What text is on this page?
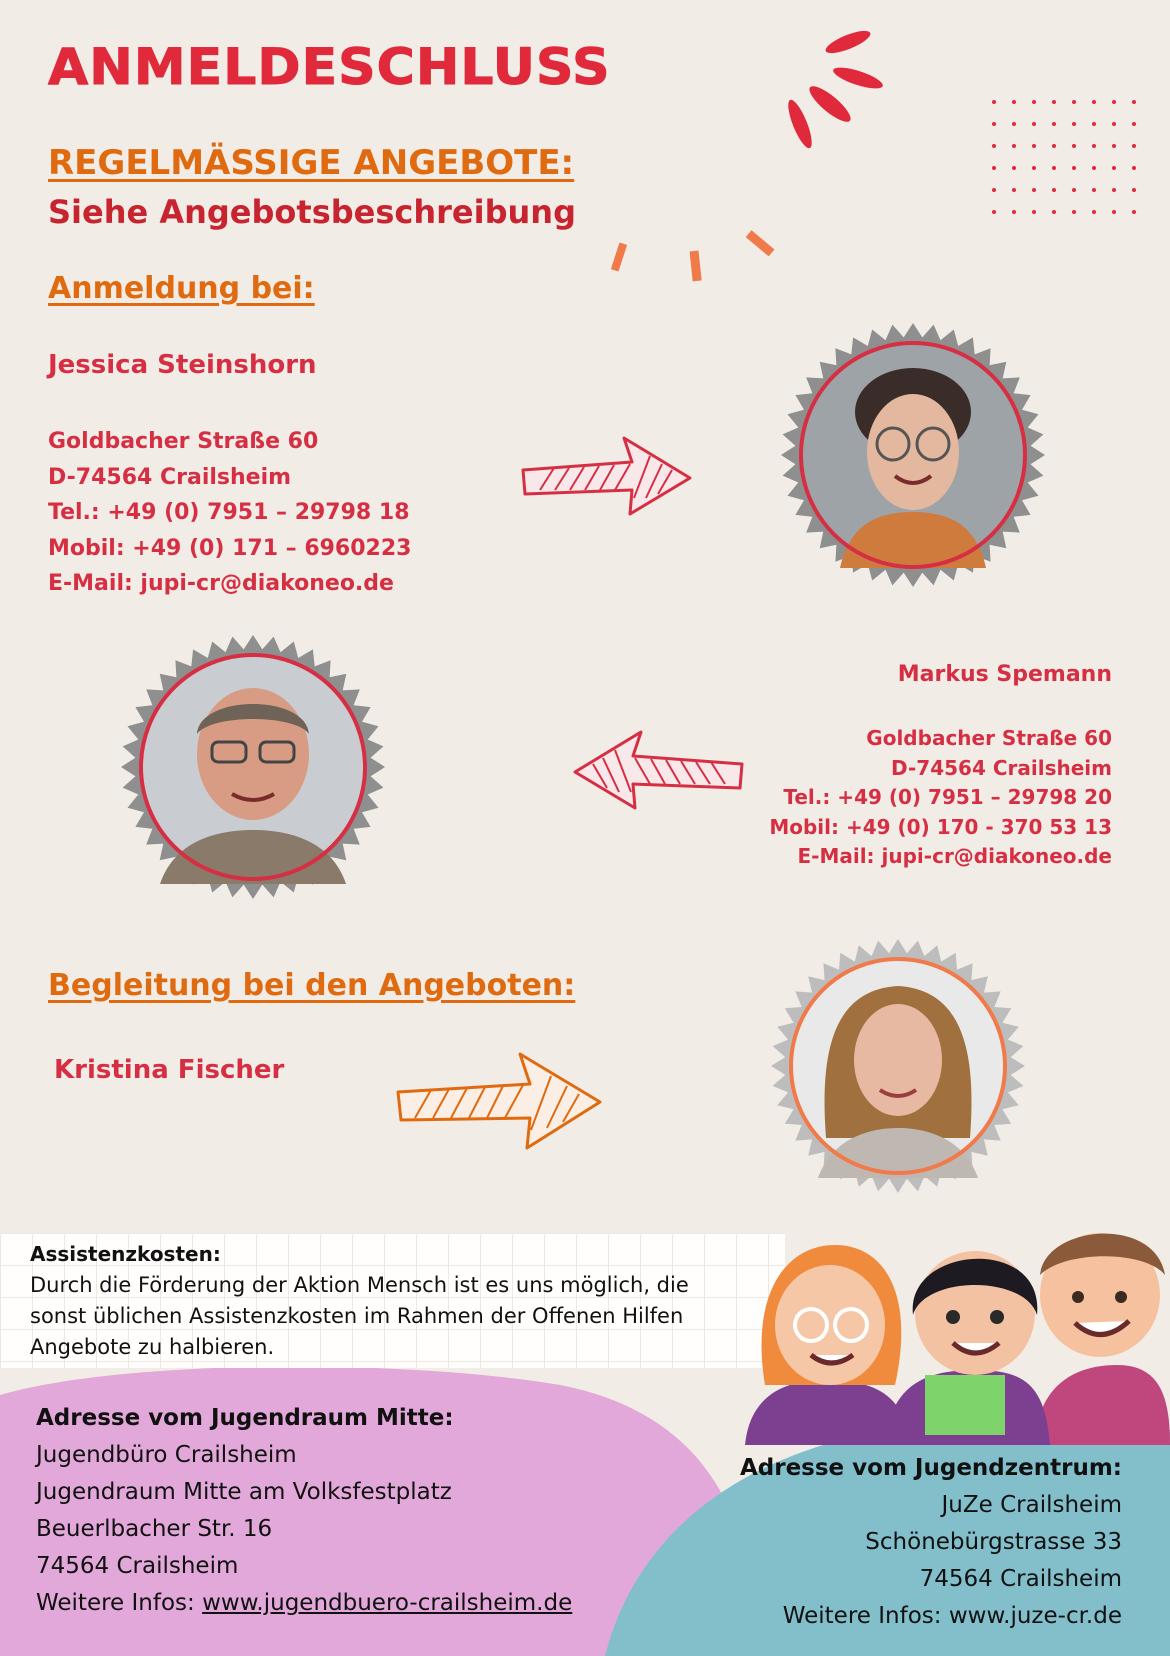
ANMELDESCHLUSS
REGELMÄSSIGE ANGEBOTE:
Siehe Angebotsbeschreibung
Anmeldung bei:
Jessica Steinshorn
Goldbacher Straße 60
D-74564 Crailsheim
Tel.: +49 (0) 7951 – 29798 18
Mobil: +49 (0) 171 – 6960223
E-Mail: jupi-cr@diakoneo.de
Markus Spemann
Goldbacher Straße 60
D-74564 Crailsheim
Tel.: +49 (0) 7951 – 29798 20
Mobil: +49 (0) 170 - 370 53 13
E-Mail: jupi-cr@diakoneo.de
Begleitung bei den Angeboten:
Kristina Fischer
Assistenzkosten:
Durch die Förderung der Aktion Mensch ist es uns möglich, die sonst üblichen Assistenzkosten im Rahmen der Offenen Hilfen Angebote zu halbieren.
Adresse vom Jugendraum Mitte:
Jugendbüro Crailsheim
Jugendraum Mitte am Volksfestplatz
Beuerlbacher Str. 16
74564 Crailsheim
Weitere Infos: www.jugendbuero-crailsheim.de
Adresse vom Jugendzentrum:
JuZe Crailsheim
Schönebürgstrasse 33
74564 Crailsheim
Weitere Infos: www.juze-cr.de
